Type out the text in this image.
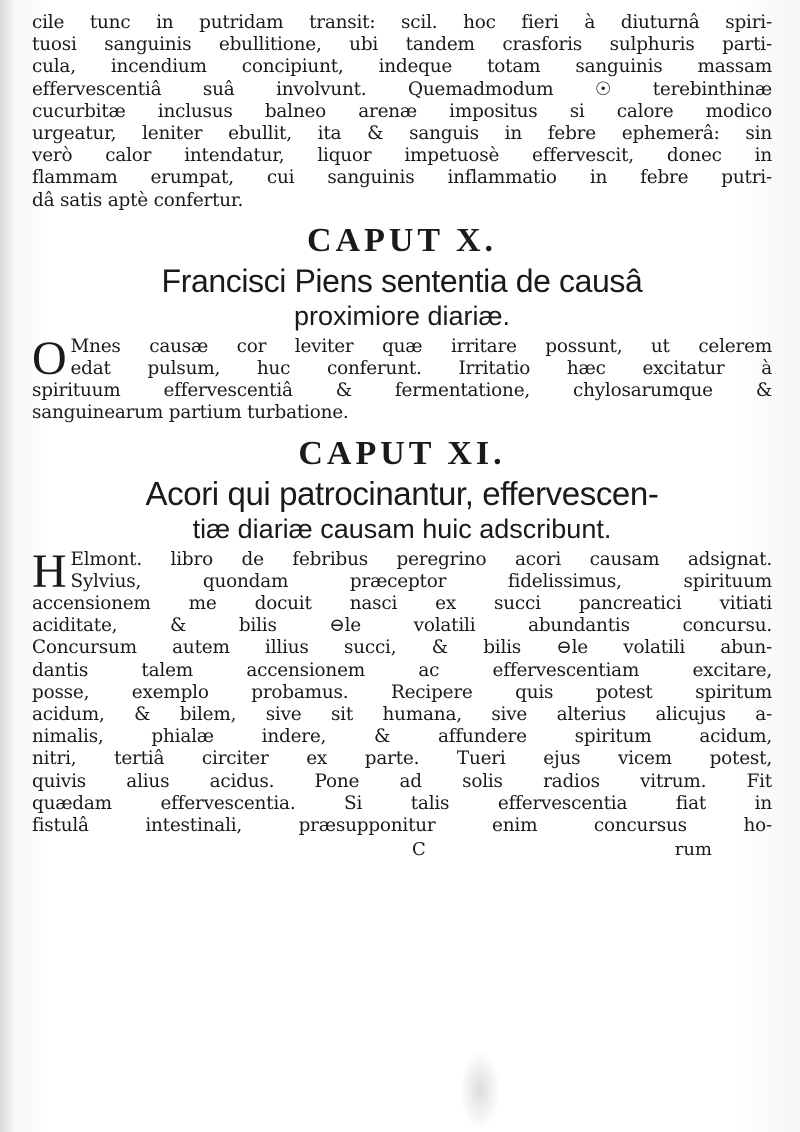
cile tunc in putridam transit: scil. hoc fieri à diuturnâ spiri-
tuosi sanguinis ebullitione, ubi tandem crasforis sulphuris parti-
cula, incendium concipiunt, indeque totam sanguinis massam
effervescentiâ suâ involvunt. Quemadmodum ☉ terebinthinæ
cucurbitæ inclusus balneo arenæ impositus si calore modico
urgeatur, leniter ebullit, ita & sanguis in febre ephemerâ: sin
verò calor intendatur, liquor impetuosè effervescit, donec in
flammam erumpat, cui sanguinis inflammatio in febre putri-
dâ satis aptè confertur.
CAPUT X.
Francisci Piens sententia de causâ
proximiore diariæ.
O Mnes causæ cor leviter quæ irritare possunt, ut celerem
edat pulsum, huc conferunt. Irritatio hæc excitatur à
spirituum effervescentiâ & fermentatione, chylosarumque &
sanguinearum partium turbatione.
CAPUT XI.
Acori qui patrocinantur, effervescen-
tiæ diariæ causam huic adscribunt.
H Elmont. libro de febribus peregrino acori causam adsignat.
Sylvius, quondam præceptor fidelissimus, spirituum
accensionem me docuit nasci ex succi pancreatici vitiati
aciditate, & bilis ⊖le volatili abundantis concursu.
Concursum autem illius succi, & bilis ⊖le volatili abun-
dantis talem accensionem ac effervescentiam excitare,
posse, exemplo probamus. Recipere quis potest spiritum
acidum, & bilem, sive sit humana, sive alterius alicujus a-
nimalis, phialæ indere, & affundere spiritum acidum,
nitri, tertiâ circiter ex parte. Tueri ejus vicem potest,
quivis alius acidus. Pone ad solis radios vitrum. Fit
quædam effervescentia. Si talis effervescentia fiat in
fistulâ intestinali, præsupponitur enim concursus ho-
C	rum
